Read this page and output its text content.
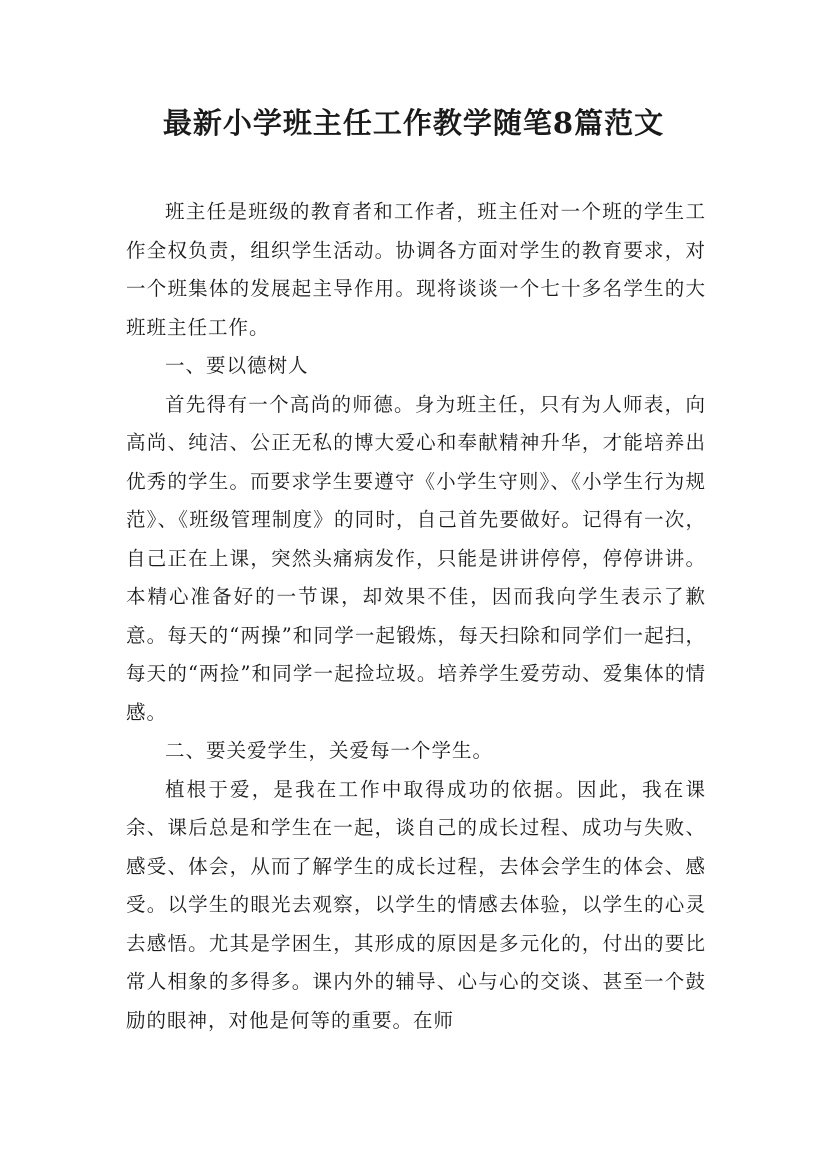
最新小学班主任工作教学随笔8篇范文

班主任是班级的教育者和工作者，班主任对一个班的学生工作全权负责，组织学生活动。协调各方面对学生的教育要求，对一个班集体的发展起主导作用。现将谈谈一个七十多名学生的大班班主任工作。

一、要以德树人

首先得有一个高尚的师德。身为班主任，只有为人师表，向高尚、纯洁、公正无私的博大爱心和奉献精神升华，才能培养出优秀的学生。而要求学生要遵守《小学生守则》、《小学生行为规范》、《班级管理制度》的同时，自己首先要做好。记得有一次，自己正在上课，突然头痛病发作，只能是讲讲停停，停停讲讲。本精心准备好的一节课，却效果不佳，因而我向学生表示了歉意。每天的“两操”和同学一起锻炼，每天扫除和同学们一起扫，每天的“两捡”和同学一起捡垃圾。培养学生爱劳动、爱集体的情感。

二、要关爱学生，关爱每一个学生。

植根于爱，是我在工作中取得成功的依据。因此，我在课余、课后总是和学生在一起，谈自己的成长过程、成功与失败、感受、体会，从而了解学生的成长过程，去体会学生的体会、感受。以学生的眼光去观察，以学生的情感去体验，以学生的心灵去感悟。尤其是学困生，其形成的原因是多元化的，付出的要比常人相象的多得多。课内外的辅导、心与心的交谈、甚至一个鼓励的眼神，对他是何等的重要。在师
